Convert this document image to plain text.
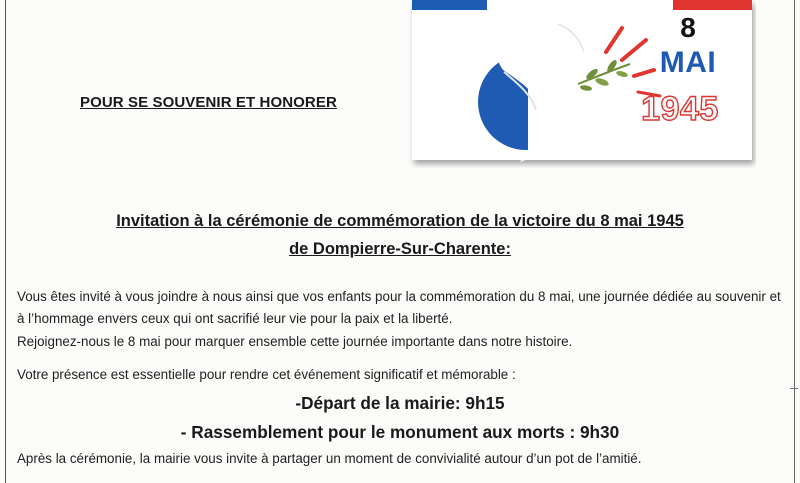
POUR SE SOUVENIR ET HONORER
8
MAI
1945
Invitation à la cérémonie de commémoration de la victoire du 8 mai 1945
de Dompierre-Sur-Charente:
Vous êtes invité à vous joindre à nous ainsi que vos enfants pour la commémoration du 8 mai, une journée dédiée au souvenir et à l’hommage envers ceux qui ont sacrifié leur vie pour la paix et la liberté.
Rejoignez-nous le 8 mai pour marquer ensemble cette journée importante dans notre histoire.
Votre présence est essentielle pour rendre cet événement significatif et mémorable :
-Départ de la mairie: 9h15
- Rassemblement pour le monument aux morts : 9h30
Après la cérémonie, la mairie vous invite à partager un moment de convivialité autour d’un pot de l’amitié.
